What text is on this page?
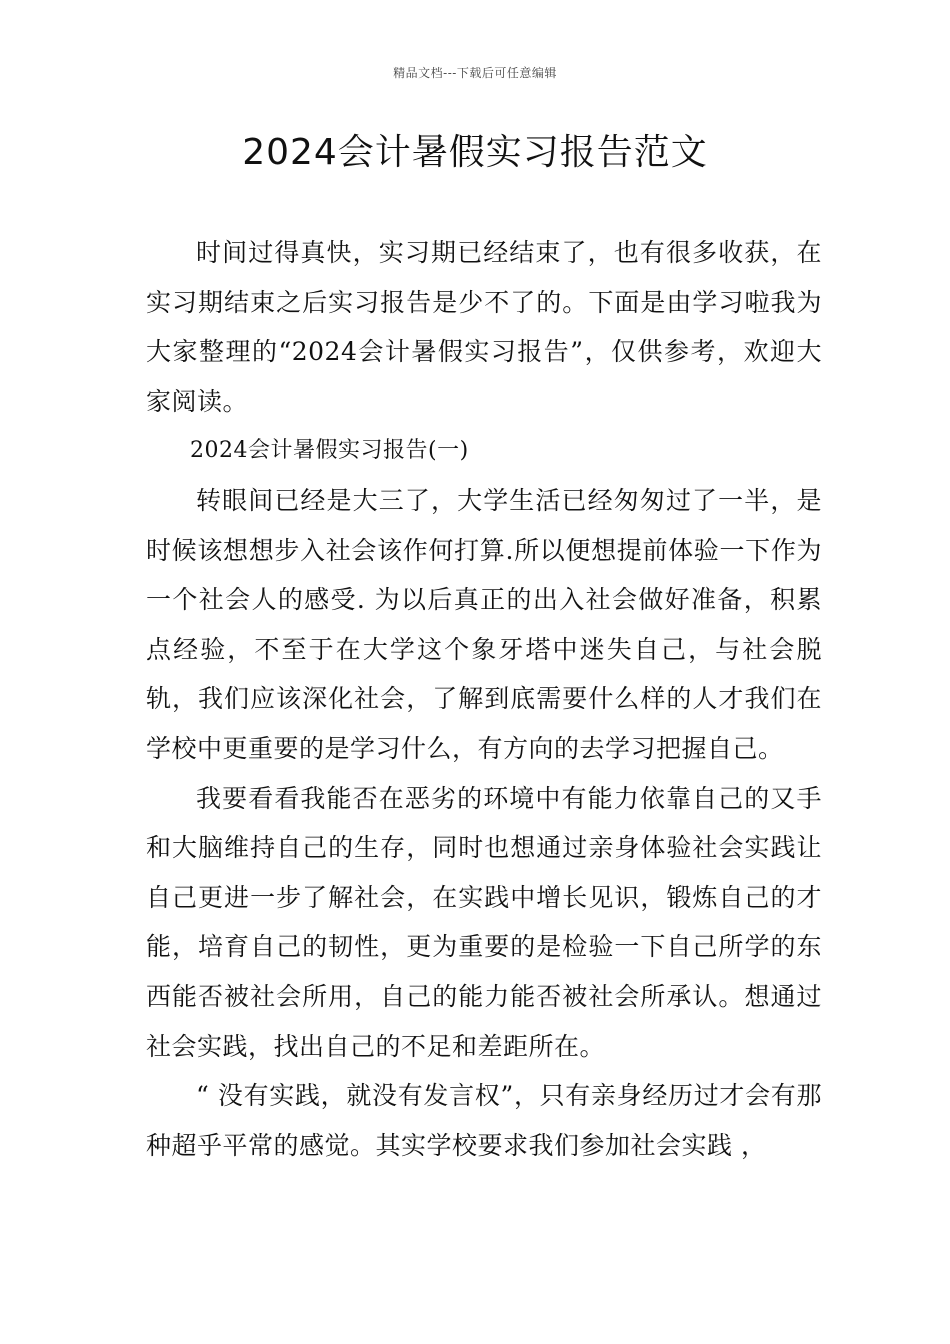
精品文档---下载后可任意编辑
2024会计暑假实习报告范文

时间过得真快，实习期已经结束了，也有很多收获，在实习期结束之后实习报告是少不了的。下面是由学习啦我为大家整理的“2024会计暑假实习报告”，仅供参考，欢迎大家阅读。

2024会计暑假实习报告(一)

转眼间已经是大三了，大学生活已经匆匆过了一半，是时候该想想步入社会该作何打算.所以便想提前体验一下作为一个社会人的感受. 为以后真正的出入社会做好准备，积累点经验，不至于在大学这个象牙塔中迷失自己，与社会脱轨，我们应该深化社会，了解到底需要什么样的人才我们在学校中更重要的是学习什么，有方向的去学习把握自己。

我要看看我能否在恶劣的环境中有能力依靠自己的又手和大脑维持自己的生存，同时也想通过亲身体验社会实践让自己更进一步了解社会，在实践中增长见识，锻炼自己的才能，培育自己的韧性，更为重要的是检验一下自己所学的东西能否被社会所用，自己的能力能否被社会所承认。想通过社会实践，找出自己的不足和差距所在。

“ 没有实践，就没有发言权”，只有亲身经历过才会有那种超乎平常的感觉。其实学校要求我们参加社会实践 ，
